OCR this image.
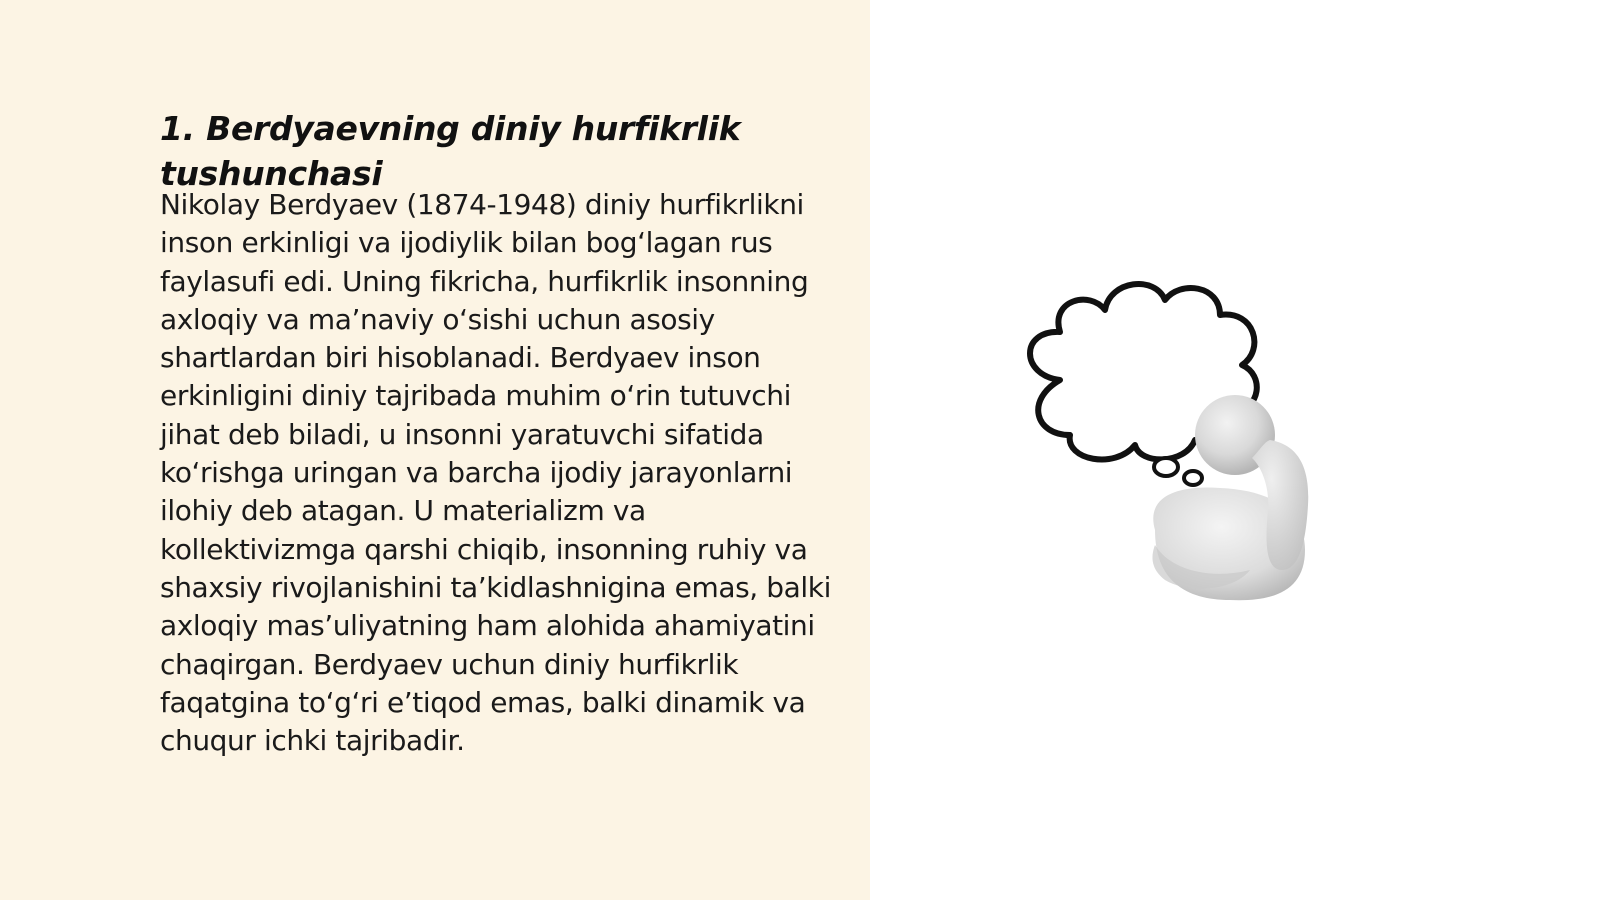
1. Berdyaevning diniy hurfikrlik tushunchasi

Nikolay Berdyaev (1874-1948) diniy hurfikrlikni inson erkinligi va ijodiylik bilan bog‘lagan rus faylasufi edi. Uning fikricha, hurfikrlik insonning axloqiy va ma’naviy o‘sishi uchun asosiy shartlardan biri hisoblanadi. Berdyaev inson erkinligini diniy tajribada muhim o‘rin tutuvchi jihat deb biladi, u insonni yaratuvchi sifatida ko‘rishga uringan va barcha ijodiy jarayonlarni ilohiy deb atagan. U materializm va kollektivizmga qarshi chiqib, insonning ruhiy va shaxsiy rivojlanishini ta’kidlashnigina emas, balki axloqiy mas’uliyatning ham alohida ahamiyatini chaqirgan. Berdyaev uchun diniy hurfikrlik faqatgina to‘g‘ri e’tiqod emas, balki dinamik va chuqur ichki tajribadir.
